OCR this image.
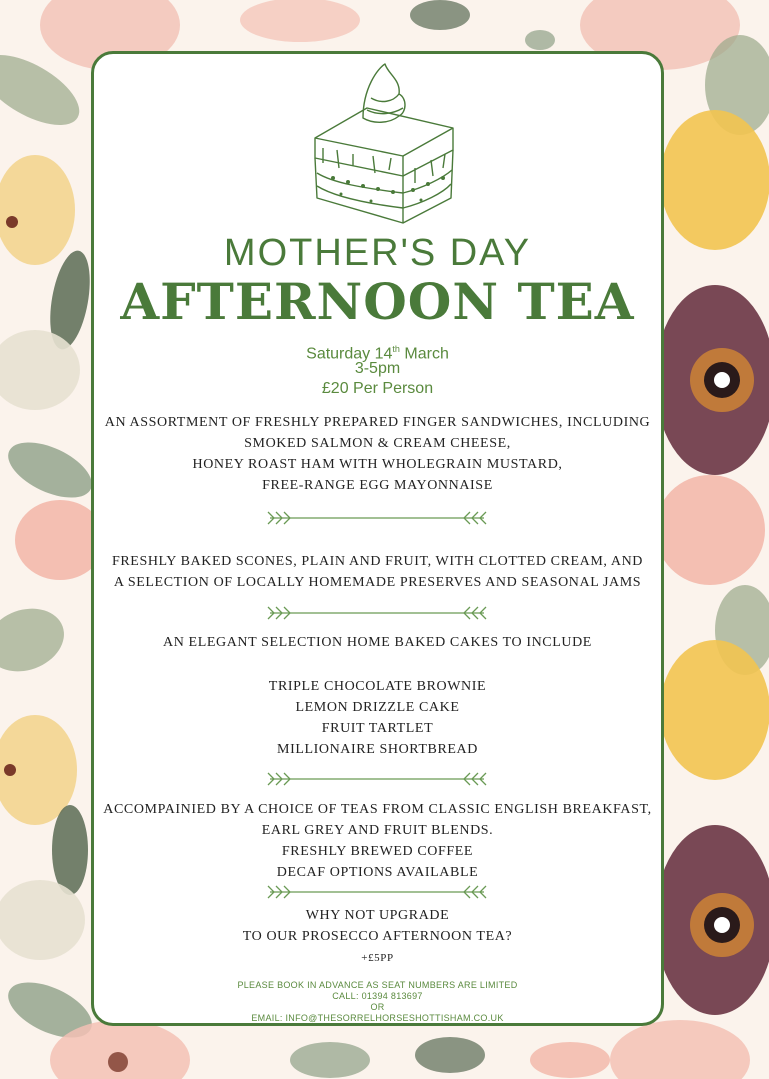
MOTHER'S DAY
AFTERNOON TEA
Saturday 14th March
3-5pm
£20 Per Person
AN ASSORTMENT OF FRESHLY PREPARED FINGER SANDWICHES, INCLUDING
SMOKED SALMON & CREAM CHEESE,
HONEY ROAST HAM WITH WHOLEGRAIN MUSTARD,
FREE-RANGE EGG MAYONNAISE
FRESHLY BAKED SCONES, PLAIN AND FRUIT, WITH CLOTTED CREAM, AND
A SELECTION OF LOCALLY HOMEMADE PRESERVES AND SEASONAL JAMS
AN ELEGANT SELECTION HOME BAKED CAKES TO INCLUDE
TRIPLE CHOCOLATE BROWNIE
LEMON DRIZZLE CAKE
FRUIT TARTLET
MILLIONAIRE SHORTBREAD
ACCOMPAINIED BY A CHOICE OF TEAS FROM CLASSIC ENGLISH BREAKFAST,
EARL GREY AND FRUIT BLENDS.
FRESHLY BREWED COFFEE
DECAF OPTIONS AVAILABLE
WHY NOT UPGRADE
TO OUR PROSECCO AFTERNOON TEA?
+£5PP
PLEASE BOOK IN ADVANCE AS SEAT NUMBERS ARE LIMITED
CALL: 01394 813697
OR
EMAIL: INFO@THESORRELHORSESHOTTISHAM.CO.UK
